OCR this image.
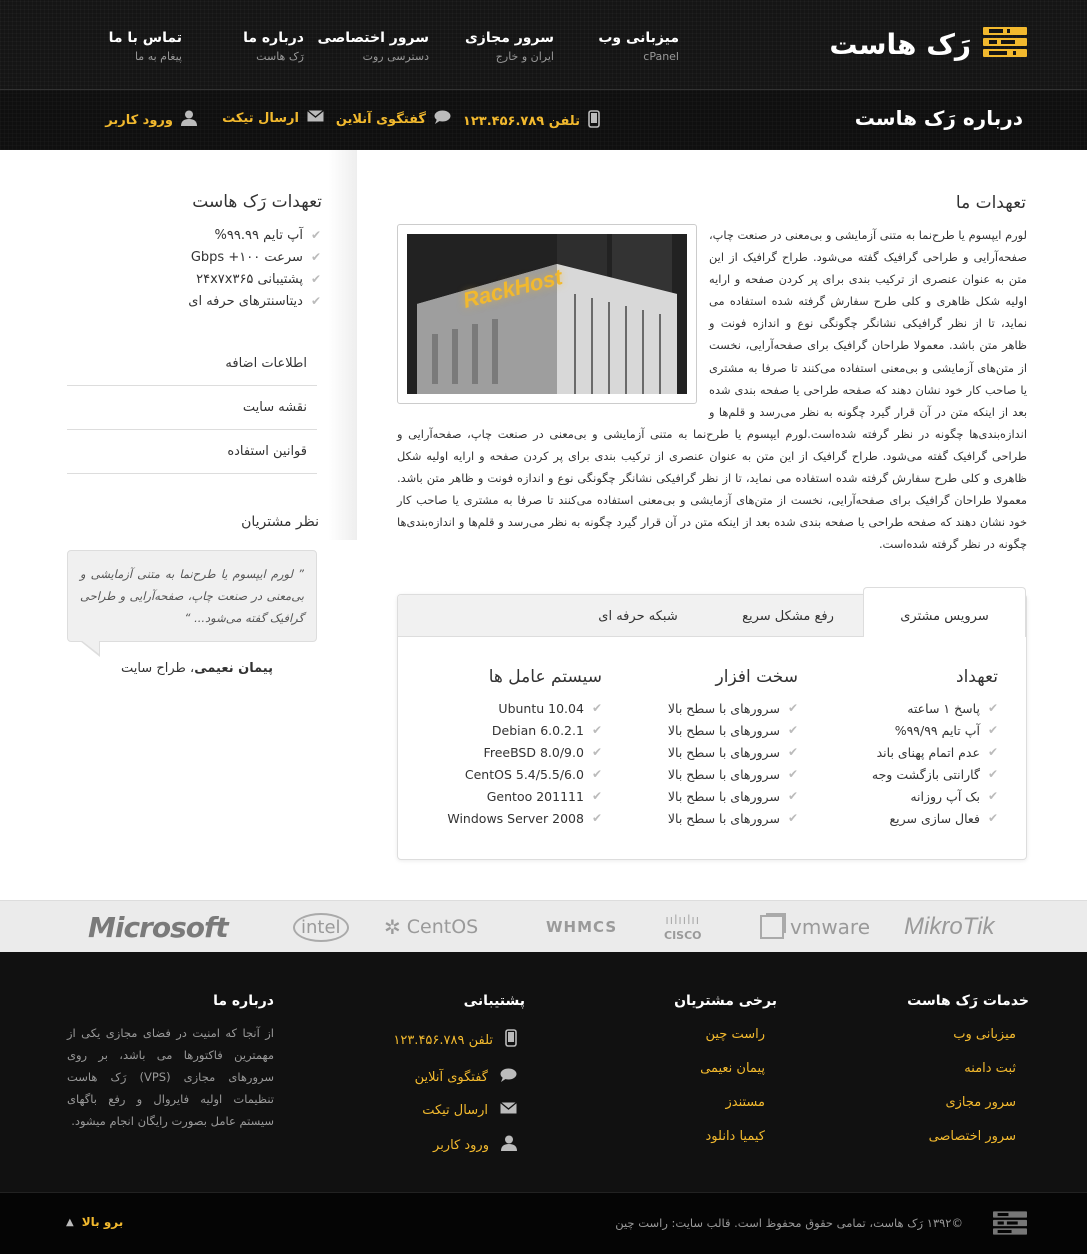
رَک هاست
میزبانی وب
cPanel
سرور مجازی
ایران و خارج
سرور اختصاصی
دسترسی روت
درباره ما
رَک هاست
تماس با ما
پیغام به ما
درباره رَک هاست
تلفن ۱۲۳.۴۵۶.۷۸۹
گفتگوی آنلاین
ارسال تیکت
ورود کاربر
تعهدات رَک هاست
✔
آپ تایم ۹۹.۹۹%
✔
سرعت ۱۰۰+ Gbps
✔
پشتیبانی ۲۴x۷x۳۶۵
✔
دیتاسنترهای حرفه ای
اطلاعات اضافه
نقشه سایت
قوانین استفاده
نظر مشتریان
” لورم ایپسوم یا طرح‌نما به متنی آزمایشی و بی‌معنی در صنعت چاپ، صفحه‌آرایی و طراحی گرافیک گفته می‌شود... “
پیمان نعیمی، طراح سایت
تعهدات ما
لورم ایپسوم یا طرح‌نما به متنی آزمایشی و بی‌معنی در صنعت چاپ، صفحه‌آرایی و طراحی گرافیک گفته می‌شود. طراح گرافیک از این متن به عنوان عنصری از ترکیب بندی برای پر کردن صفحه و ارایه اولیه شکل ظاهری و کلی طرح سفارش گرفته شده استفاده می نماید، تا از نظر گرافیکی نشانگر چگونگی نوع و اندازه فونت و ظاهر متن باشد. معمولا طراحان گرافیک برای صفحه‌آرایی، نخست از متن‌های آزمایشی و بی‌معنی استفاده می‌کنند تا صرفا به مشتری یا صاحب کار خود نشان دهند که صفحه طراحی یا صفحه بندی شده بعد از اینکه متن در آن قرار گیرد چگونه به نظر می‌رسد و قلم‌ها و اندازه‌بندی‌ها چگونه در نظر گرفته شده‌است.لورم ایپسوم یا طرح‌نما به متنی آزمایشی و بی‌معنی در صنعت چاپ، صفحه‌آرایی و طراحی گرافیک گفته می‌شود. طراح گرافیک از این متن به عنوان عنصری از ترکیب بندی برای پر کردن صفحه و ارایه اولیه شکل ظاهری و کلی طرح سفارش گرفته شده استفاده می نماید، تا از نظر گرافیکی نشانگر چگونگی نوع و اندازه فونت و ظاهر متن باشد. معمولا طراحان گرافیک برای صفحه‌آرایی، نخست از متن‌های آزمایشی و بی‌معنی استفاده می‌کنند تا صرفا به مشتری یا صاحب کار خود نشان دهند که صفحه طراحی یا صفحه بندی شده بعد از اینکه متن در آن قرار گیرد چگونه به نظر می‌رسد و قلم‌ها و اندازه‌بندی‌ها چگونه در نظر گرفته شده‌است.
RackHost
سرویس مشتری
رفع مشکل سریع
شبکه حرفه ای
تعهداد
✔
پاسخ ۱ ساعته
✔
آپ تایم ۹۹/۹۹%
✔
عدم اتمام پهنای باند
✔
گارانتی بازگشت وجه
✔
بک آپ روزانه
✔
فعال سازی سریع
سخت افزار
✔
سرورهای با سطح بالا
✔
سرورهای با سطح بالا
✔
سرورهای با سطح بالا
✔
سرورهای با سطح بالا
✔
سرورهای با سطح بالا
✔
سرورهای با سطح بالا
سیستم عامل ها
✔
Ubuntu 10.04
✔
Debian 6.0.2.1
✔
FreeBSD 8.0/9.0
✔
CentOS 5.4/5.5/6.0
✔
Gentoo 201111
✔
Windows Server 2008
MikroTik
vmware
ıılıılıı
CISCO
WHMCS
✲ CentOS
intel
Microsoft
خدمات رَک هاست
میزبانی وب
ثبت دامنه
سرور مجازی
سرور اختصاصی
برخی مشتریان
راست چین
پیمان نعیمی
مستندز
کیمیا دانلود
پشتیبانی
تلفن ۱۲۳.۴۵۶.۷۸۹
گفتگوی آنلاین
ارسال تیکت
ورود کاربر
درباره ما
از آنجا که امنیت در فضای مجازی یکی از مهمترین فاکتورها می باشد، بر روی سرورهای مجازی (VPS) رَک هاست تنظیمات اولیه فایروال و رفع باگهای سیستم عامل بصورت رایگان انجام میشود.
©۱۳۹۲ رَک هاست، تمامی حقوق محفوظ است. قالب سایت: راست چین
برو بالا
▲
